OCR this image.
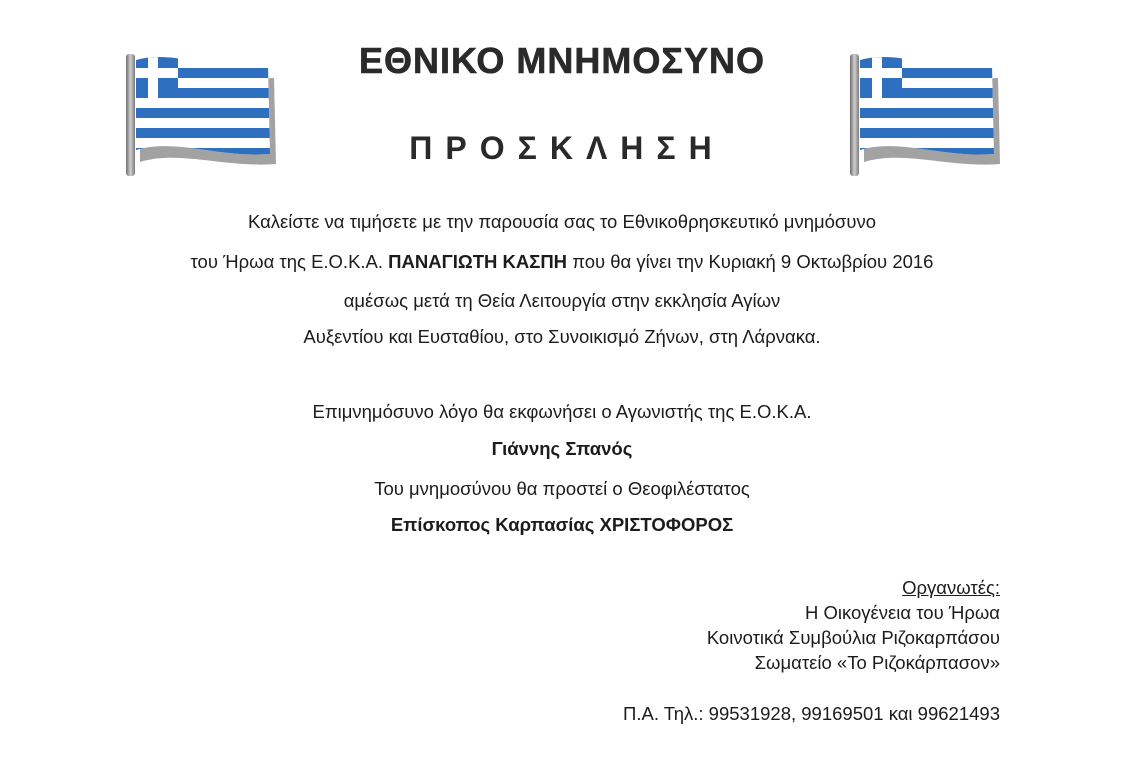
ΕΘΝΙΚΟ ΜΝΗΜΟΣΥΝΟ
ΠΡΟΣΚΛΗΣΗ
Καλείστε να τιμήσετε με την παρουσία σας το Εθνικοθρησκευτικό μνημόσυνο
του Ήρωα της Ε.Ο.Κ.Α. ΠΑΝΑΓΙΩΤΗ ΚΑΣΠΗ που θα γίνει την Κυριακή 9 Οκτωβρίου 2016
αμέσως μετά τη Θεία Λειτουργία στην εκκλησία Αγίων
Αυξεντίου και Ευσταθίου, στο Συνοικισμό Ζήνων, στη Λάρνακα.
Επιμνημόσυνο λόγο θα εκφωνήσει ο Αγωνιστής της Ε.Ο.Κ.Α.
Γιάννης Σπανός
Του μνημοσύνου θα προστεί ο Θεοφιλέστατος
Επίσκοπος Καρπασίας ΧΡΙΣΤΟΦΟΡΟΣ
Οργανωτές:
Η Οικογένεια του Ήρωα
Κοινοτικά Συμβούλια Ριζοκαρπάσου
Σωματείο «Το Ριζοκάρπασον»
Π.Α. Τηλ.: 99531928, 99169501 και 99621493
